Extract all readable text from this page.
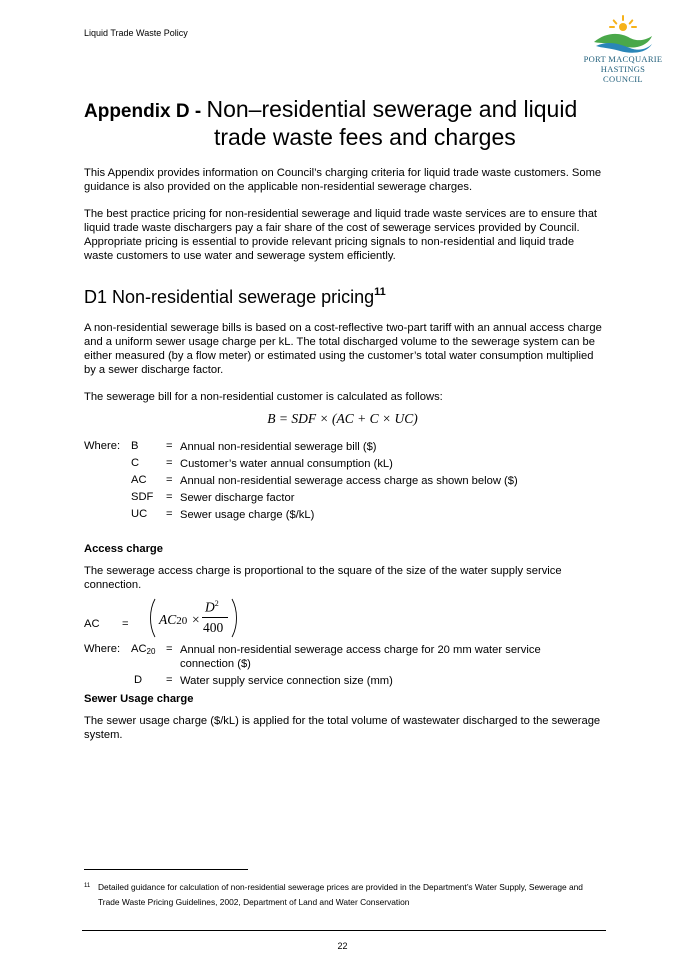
Liquid Trade Waste Policy
PORT MACQUARIE
HASTINGS COUNCIL
Appendix D - Non–residential sewerage and liquid
trade waste fees and charges
This Appendix provides information on Council’s charging criteria for liquid trade waste customers. Some guidance is also provided on the applicable non-residential sewerage charges.
The best practice pricing for non-residential sewerage and liquid trade waste services are to ensure that liquid trade waste dischargers pay a fair share of the cost of sewerage services provided by Council. Appropriate pricing is essential to provide relevant pricing signals to non-residential and liquid trade waste customers to use water and sewerage system efficiently.
D1 Non-residential sewerage pricing$^{11}$
A non-residential sewerage bills is based on a cost-reflective two-part tariff with an annual access charge and a uniform sewer usage charge per kL. The total discharged volume to the sewerage system can be either measured (by a flow meter) or estimated using the customer’s total water consumption multiplied by a sewer discharge factor.
The sewerage bill for a non-residential customer is calculated as follows:
B = SDF × (AC + C × UC)
Where: B = Annual non-residential sewerage bill ($)
C = Customer’s water annual consumption (kL)
AC = Annual non-residential sewerage access charge as shown below ($)
SDF = Sewer discharge factor
UC = Sewer usage charge ($/kL)
Access charge
The sewerage access charge is proportional to the square of the size of the water supply service connection.
AC = AC20 ×
$D^2$
400
Where: $AC_{20}$ = Annual non-residential sewerage access charge for 20 mm water service connection ($)
D = Water supply service connection size (mm)
Sewer Usage charge
The sewer usage charge ($/kL) is applied for the total volume of wastewater discharged to the sewerage system.
11 Detailed guidance for calculation of non-residential sewerage prices are provided in the Department’s Water Supply, Sewerage and Trade Waste Pricing Guidelines, 2002, Department of Land and Water Conservation
22
